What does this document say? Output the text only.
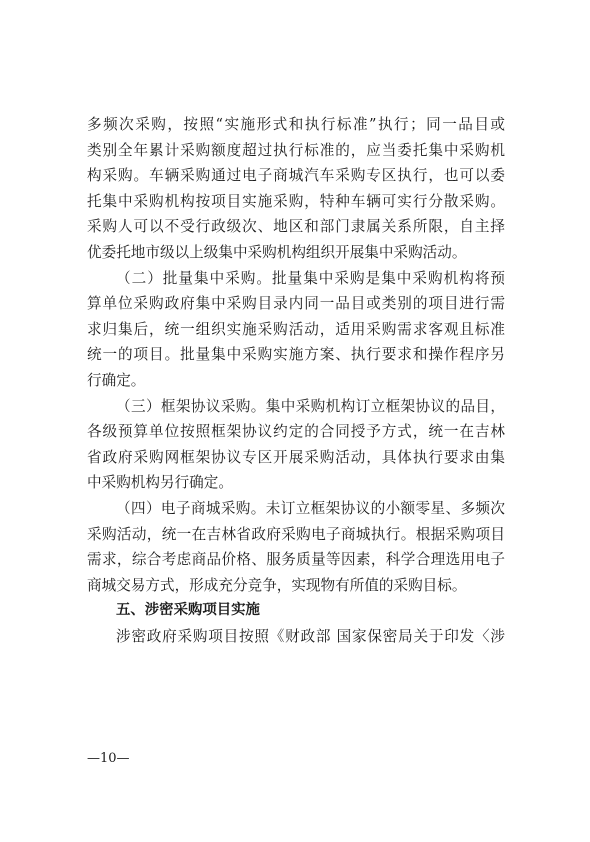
多频次采购，按照“实施形式和执行标准”执行；同一品目或
类别全年累计采购额度超过执行标准的，应当委托集中采购机
构采购。车辆采购通过电子商城汽车采购专区执行，也可以委
托集中采购机构按项目实施采购，特种车辆可实行分散采购。
采购人可以不受行政级次、地区和部门隶属关系所限，自主择
优委托地市级以上级集中采购机构组织开展集中采购活动。
（二）批量集中采购。批量集中采购是集中采购机构将预
算单位采购政府集中采购目录内同一品目或类别的项目进行需
求归集后，统一组织实施采购活动，适用采购需求客观且标准
统一的项目。批量集中采购实施方案、执行要求和操作程序另
行确定。
（三）框架协议采购。集中采购机构订立框架协议的品目，
各级预算单位按照框架协议约定的合同授予方式，统一在吉林
省政府采购网框架协议专区开展采购活动，具体执行要求由集
中采购机构另行确定。
（四）电子商城采购。未订立框架协议的小额零星、多频次
采购活动，统一在吉林省政府采购电子商城执行。根据采购项目
需求，综合考虑商品价格、服务质量等因素，科学合理选用电子
商城交易方式，形成充分竞争，实现物有所值的采购目标。
五、涉密采购项目实施
涉密政府采购项目按照《财政部 国家保密局关于印发〈涉
—10—
